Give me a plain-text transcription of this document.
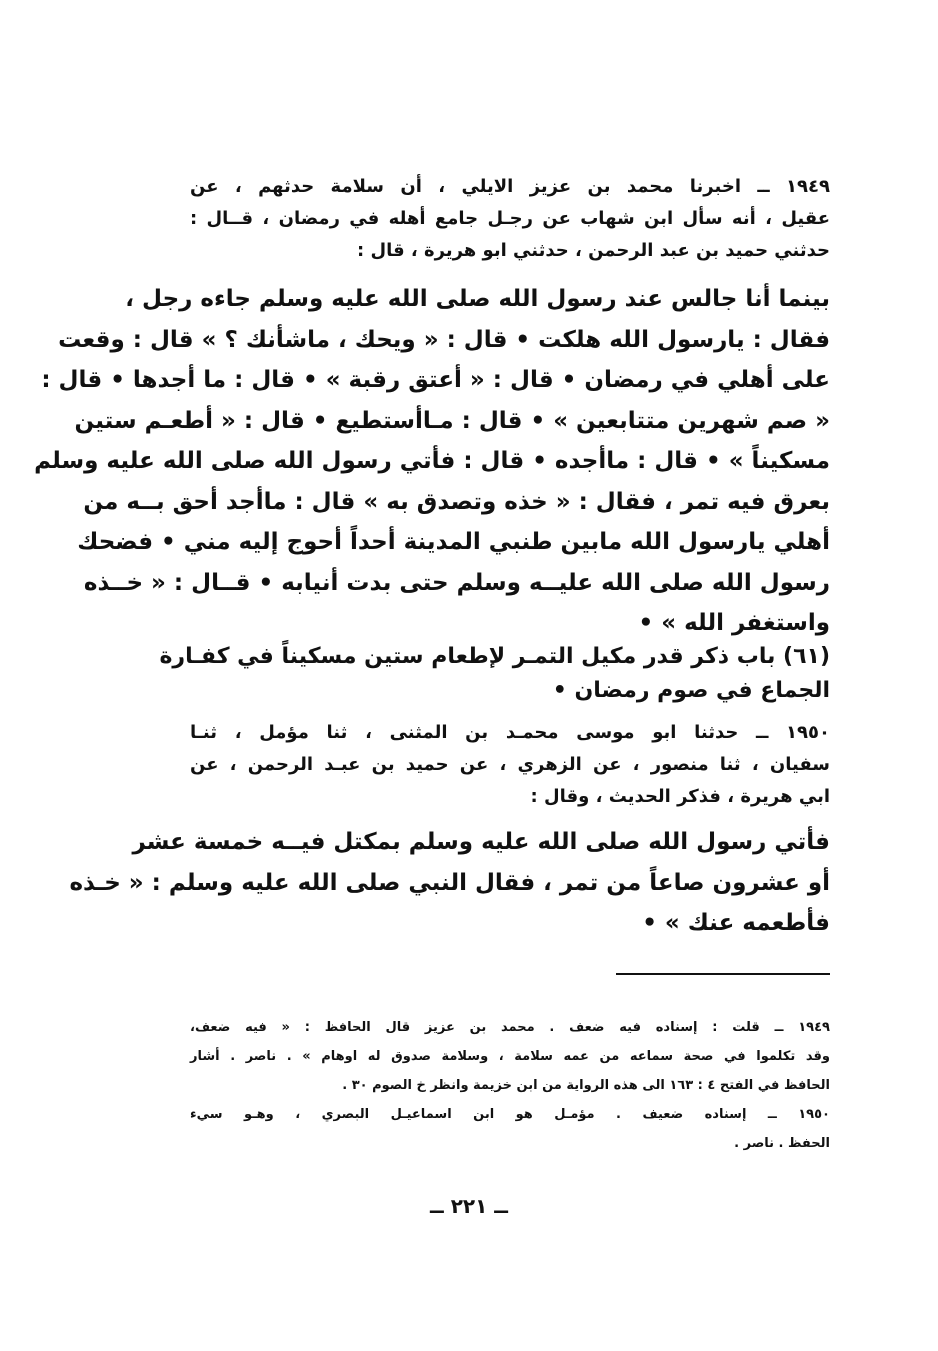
١٩٤٩ ــ اخبرنا محمد بن عزيز الايلي ، أن سلامة حدثهم ، عن
عقيل ، أنه سأل ابن شهاب عن رجـل جامع أهله في رمضان ، قــال :
حدثني حميد بن عبد الرحمن ، حدثني ابو هريرة ، قال :
بينما أنا جالس عند رسول الله صلى الله عليه وسلم جاءه رجل ،
فقال : يارسول الله هلكت • قال : « ويحك ، ماشأنك ؟ » قال : وقعت
على أهلي في رمضان • قال : « أعتق رقبة » • قال : ما أجدها • قال :
« صم شهرين متتابعين » • قال : مـاأستطيع • قال : « أطعـم ستين
مسكيناً » • قال : ماأجده • قال : فأتي رسول الله صلى الله عليه وسلم
بعرق فيه تمر ، فقال : « خذه وتصدق به » قال : ماأجد أحق بــه من
أهلي يارسول الله مابين طنبي المدينة أحداً أحوج إليه مني • فضحك
رسول الله صلى الله عليــه وسلم حتى بدت أنيابه • قــال : « خــذه
واستغفر الله » •
(٦١) باب ذكر قدر مكيل التمـر لإطعام ستين مسكيناً في كفـارة
الجماع في صوم رمضان •
١٩٥٠ ــ حدثنا ابو موسى محمـد بن المثنى ، ثنا مؤمل ، ثنـا
سفيان ، ثنا منصور ، عن الزهري ، عن حميد بن عبـد الرحمن ، عن
ابي هريرة ، فذكر الحديث ، وقال :
فأتي رسول الله صلى الله عليه وسلم بمكتل فيــه خمسة عشر
أو عشرون صاعاً من تمر ، فقال النبي صلى الله عليه وسلم : « خـذه
فأطعمه عنك » •
١٩٤٩ ــ قلت : إسناده فيه ضعف . محمد بن عزيز قال الحافظ : « فيه ضعف،
وقد تكلموا في صحة سماعه من عمه سلامة ، وسلامة صدوق له اوهام » . ناصر . أشار
الحافظ في الفتح ٤ : ١٦٣ الى هذه الرواية من ابن خزيمة وانظر خ الصوم ٣٠ .
١٩٥٠ ــ إسناده ضعيف . مؤمـل هو ابن اسماعيـل البصري ، وهـو سيء
الحفظ . ناصر .
ــ ٢٢١ ــ
